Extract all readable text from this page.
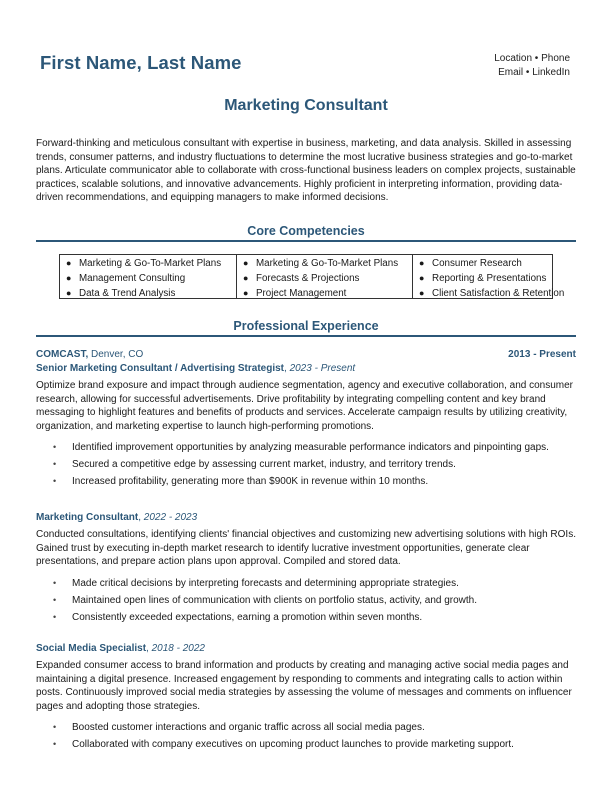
First Name, Last Name	Location • Phone
Email • LinkedIn
Marketing Consultant
Forward-thinking and meticulous consultant with expertise in business, marketing, and data analysis. Skilled in assessing trends, consumer patterns, and industry fluctuations to determine the most lucrative business strategies and go-to-market plans. Articulate communicator able to collaborate with cross-functional business leaders on complex projects, sustainable practices, scalable solutions, and innovative advancements. Highly proficient in interpreting information, providing data-driven recommendations, and equipping managers to make informed decisions.
Core Competencies
● Marketing & Go-To-Market Plans
● Management Consulting
● Data & Trend Analysis
● Marketing & Go-To-Market Plans
● Forecasts & Projections
● Project Management
● Consumer Research
● Reporting & Presentations
● Client Satisfaction & Retention
Professional Experience
COMCAST, Denver, CO	2013 - Present
Senior Marketing Consultant / Advertising Strategist, 2023 - Present
Optimize brand exposure and impact through audience segmentation, agency and executive collaboration, and consumer research, allowing for successful advertisements. Drive profitability by integrating compelling content and key brand messaging to highlight features and benefits of products and services. Accelerate campaign results by utilizing creativity, organization, and marketing expertise to launch high-performing promotions.
• Identified improvement opportunities by analyzing measurable performance indicators and pinpointing gaps.
• Secured a competitive edge by assessing current market, industry, and territory trends.
• Increased profitability, generating more than $900K in revenue within 10 months.
Marketing Consultant, 2022 - 2023
Conducted consultations, identifying clients' financial objectives and customizing new advertising solutions with high ROIs. Gained trust by executing in-depth market research to identify lucrative investment opportunities, generate clear presentations, and prepare action plans upon approval. Compiled and stored data.
• Made critical decisions by interpreting forecasts and determining appropriate strategies.
• Maintained open lines of communication with clients on portfolio status, activity, and growth.
• Consistently exceeded expectations, earning a promotion within seven months.
Social Media Specialist, 2018 - 2022
Expanded consumer access to brand information and products by creating and managing active social media pages and maintaining a digital presence. Increased engagement by responding to comments and integrating calls to action within posts. Continuously improved social media strategies by assessing the volume of messages and comments on influencer pages and adopting those strategies.
• Boosted customer interactions and organic traffic across all social media pages.
• Collaborated with company executives on upcoming product launches to provide marketing support.
